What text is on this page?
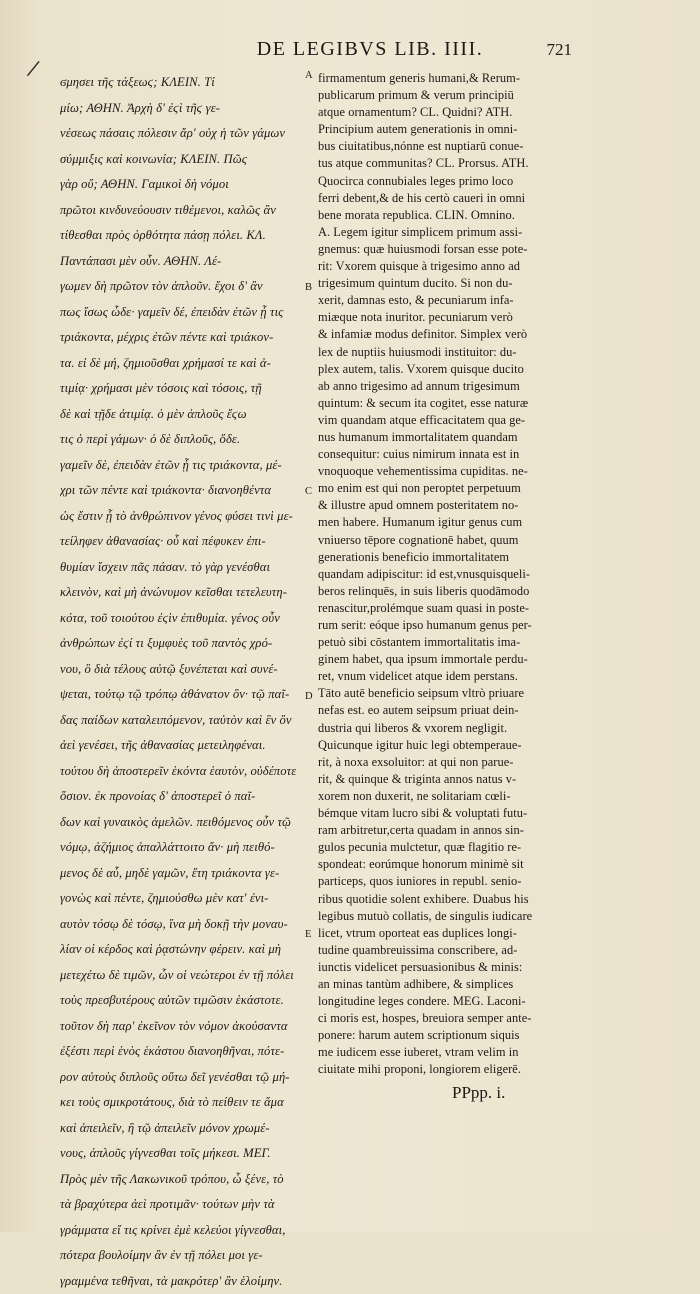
/
DE LEGIBVS LIB. IIII.	721
ϭμησει τῆς τάξεωϛ; ΚΛΕΙΝ. Τί
μίω; ΑΘΗΝ. Ἀρχὴ δ' ἐϛὶ τῆϛ γε-
νέσεως πάσαις πόλεσιν ἄρ' οὐχ ἡ τῶν γάμων
σύμμιξις καὶ κοινωνία; ΚΛΕΙΝ. Πῶς
γὰρ οὔ; ΑΘΗΝ. Γαμικοὶ δὴ νόμοι
πρῶτοι κινδυνεύουσιν τιθέμενοι, καλῶς ἂν
τίθεσθαι πρὸς ὀρθότητα πάσῃ πόλει. ΚΛ.
Παντάπασι μὲν οὖν. ΑΘΗΝ. Λέ-
γωμεν δὴ πρῶτον τὸν ἁπλοῦν. ἔχοι δ' ἂν
πως ἴσως ὧδε· γαμεῖν δέ, ἐπειδὰν ἐτῶν ᾖ τις
τριάκοντα, μέχρις ἐτῶν πέντε καὶ τριάκον-
τα. εἰ δὲ μή, ζημιοῦσθαι χρήμασί τε καὶ ἀ-
τιμίᾳ· χρήμασι μὲν τόσοις καὶ τόσοις, τῇ
δὲ καὶ τῇδε ἀτιμίᾳ. ὁ μὲν ἁπλοῦς ἔϛω
τις ὁ περὶ γάμων· ὁ δὲ διπλοῦς, ὅδε.
γαμεῖν δὲ, ἐπειδὰν ἐτῶν ᾖ τις τριάκοντα, μέ-
χρι τῶν πέντε καὶ τριάκοντα· διανοηθέντα
ὡς ἔστιν ᾗ τὸ ἀνθρώπινον γένος φύσει τινὶ με-
τείληφεν ἀθανασίας· οὗ καὶ πέφυκεν ἐπι-
θυμίαν ἴσχειν πᾶς πάσαν. τὸ γὰρ γενέσθαι
κλεινὸν, καὶ μὴ ἀνώνυμον κεῖσθαι τετελευτη-
κότα, τοῦ τοιούτου ἐϛὶν ἐπιθυμία. γένος οὖν
ἀνθρώπων ἐϛί τι ξυμφυὲς τοῦ παντὸς χρό-
νου, ὃ διὰ τέλους αὐτῷ ξυνέπεται καὶ συνέ-
ψεται, τούτῳ τῷ τρόπῳ ἀθάνατον ὂν· τῷ παῖ-
δας παίδων καταλειπόμενον, ταὐτὸν καὶ ἓν ὂν
ἀεὶ γενέσει, τῆς ἀθανασίας μετειληφέναι.
τούτου δὴ ἀποστερεῖν ἑκόντα ἑαυτὸν, οὐδέποτε
ὅσιον. ἐκ προνοίας δ' ἀποστερεῖ ὁ παῖ-
δων καὶ γυναικὸς ἀμελῶν. πειθόμενος οὖν τῷ
νόμῳ, ἀζήμιος ἀπαλλάττοιτο ἄν· μὴ πειθό-
μενος δὲ αὖ, μηδὲ γαμῶν, ἔτη τριάκοντα γε-
γονὼς καὶ πέντε, ζημιούσθω μὲν κατ' ἐνι-
αυτὸν τόσῳ δὲ τόσῳ, ἵνα μὴ δοκῇ τὴν μοναυ-
λίαν οἱ κέρδος καὶ ῥᾳστώνην φέρειν. καὶ μὴ
μετεχέτω δὲ τιμῶν, ὧν οἱ νεώτεροι ἐν τῇ πόλει
τοὺς πρεσβυτέρους αὐτῶν τιμῶσιν ἑκάστοτε.
τοῦτον δὴ παρ' ἐκεῖνον τὸν νόμον ἀκούσαντα
ἐξέστι περὶ ἑνὸς ἑκάστου διανοηθῆναι, πότε-
ρον αὐτοὺς διπλοῦς οὕτω δεῖ γενέσθαι τῷ μή-
κει τοὺς σμικροτάτους, διὰ τὸ πείθειν τε ἅμα
καὶ ἀπειλεῖν, ἢ τῷ ἀπειλεῖν μόνον χρωμέ-
νους, ἁπλοῦς γίγνεσθαι τοῖς μήκεσι. ΜΕΓ.
Πρὸς μὲν τῆς Λακωνικοῦ τρόπου, ὦ ξένε, τὸ
τὰ βραχύτερα ἀεὶ προτιμᾶν· τούτων μὴν τὰ
γράμματα εἴ τις κρίνει ἐμὲ κελεύοι γίγνεσθαι,
πότερα βουλοίμην ἂν ἐν τῇ πόλει μοι γε-
γραμμένα τεθῆναι, τὰ μακρότερ' ἂν ἑλοίμην.
A
B
C
D
E
firmamentum generis humani,& Rerum-
publicarum primum & verum principiū
atque ornamentum? CL. Quidni? ATH.
Principium autem generationis in omni-
bus ciuitatibus,nónne est nuptiarū conue-
tus atque communitas? CL. Prorsus. ATH.
Quocirca connubiales leges primo loco
ferri debent,& de his certò caueri in omni
bene morata republica. CLIN. Omnino.
A. Legem igitur simplicem primum assi-
gnemus: quæ huiusmodi forsan esse pote-
rit: Vxorem quisque à trigesimo anno ad
trigesimum quintum ducito. Si non du-
xerit, damnas esto, & pecuniarum infa-
miæque nota inuritor. pecuniarum verò
& infamiæ modus definitor. Simplex verò
lex de nuptiis huiusmodi instituitor: du-
plex autem, talis. Vxorem quisque ducito
ab anno trigesimo ad annum trigesimum
quintum: & secum ita cogitet, esse naturæ
vim quandam atque efficacitatem qua ge-
nus humanum immortalitatem quandam
consequitur: cuius nimirum innata est in
vnoquoque vehementissima cupiditas. ne-
mo enim est qui non peroptet perpetuum
& illustre apud omnem posteritatem no-
men habere. Humanum igitur genus cum
vniuerso tēpore cognationē habet, quum
generationis beneficio immortalitatem
quandam adipiscitur: id est,vnusquisqueli-
beros relinquēs, in suis liberis quodāmodo
renascitur,prolémque suam quasi in poste-
rum serit: eóque ipso humanum genus per-
petuò sibi cōstantem immortalitatis ima-
ginem habet, qua ipsum immortale perdu-
ret, vnum videlicet atque idem perstans.
Tāto autē beneficio seipsum vltrò priuare
nefas est. eo autem seipsum priuat dein-
dustria qui liberos & vxorem negligit.
Quicunque igitur huic legi obtemperaue-
rit, à noxa exsoluitor: at qui non parue-
rit, & quinque & triginta annos natus v-
xorem non duxerit, ne solitariam cœli-
bémque vitam lucro sibi & voluptati futu-
ram arbitretur,certa quadam in annos sin-
gulos pecunia mulctetur, quæ flagitio re-
spondeat: eorúmque honorum minimè sit
particeps, quos iuniores in republ. senio-
ribus quotidie solent exhibere. Duabus his
legibus mutuò collatis, de singulis iudicare
licet, vtrum oporteat eas duplices longi-
tudine quambreuissima conscribere, ad-
iunctis videlicet persuasionibus & minis:
an minas tantùm adhibere, & simplices
longitudine leges condere. MEG. Laconi-
ci moris est, hospes, breuiora semper ante-
ponere: harum autem scriptionum siquis
me iudicem esse iuberet, vtram velim in
ciuitate mihi proponi, longiorem eligerē.
PPpp. i.
